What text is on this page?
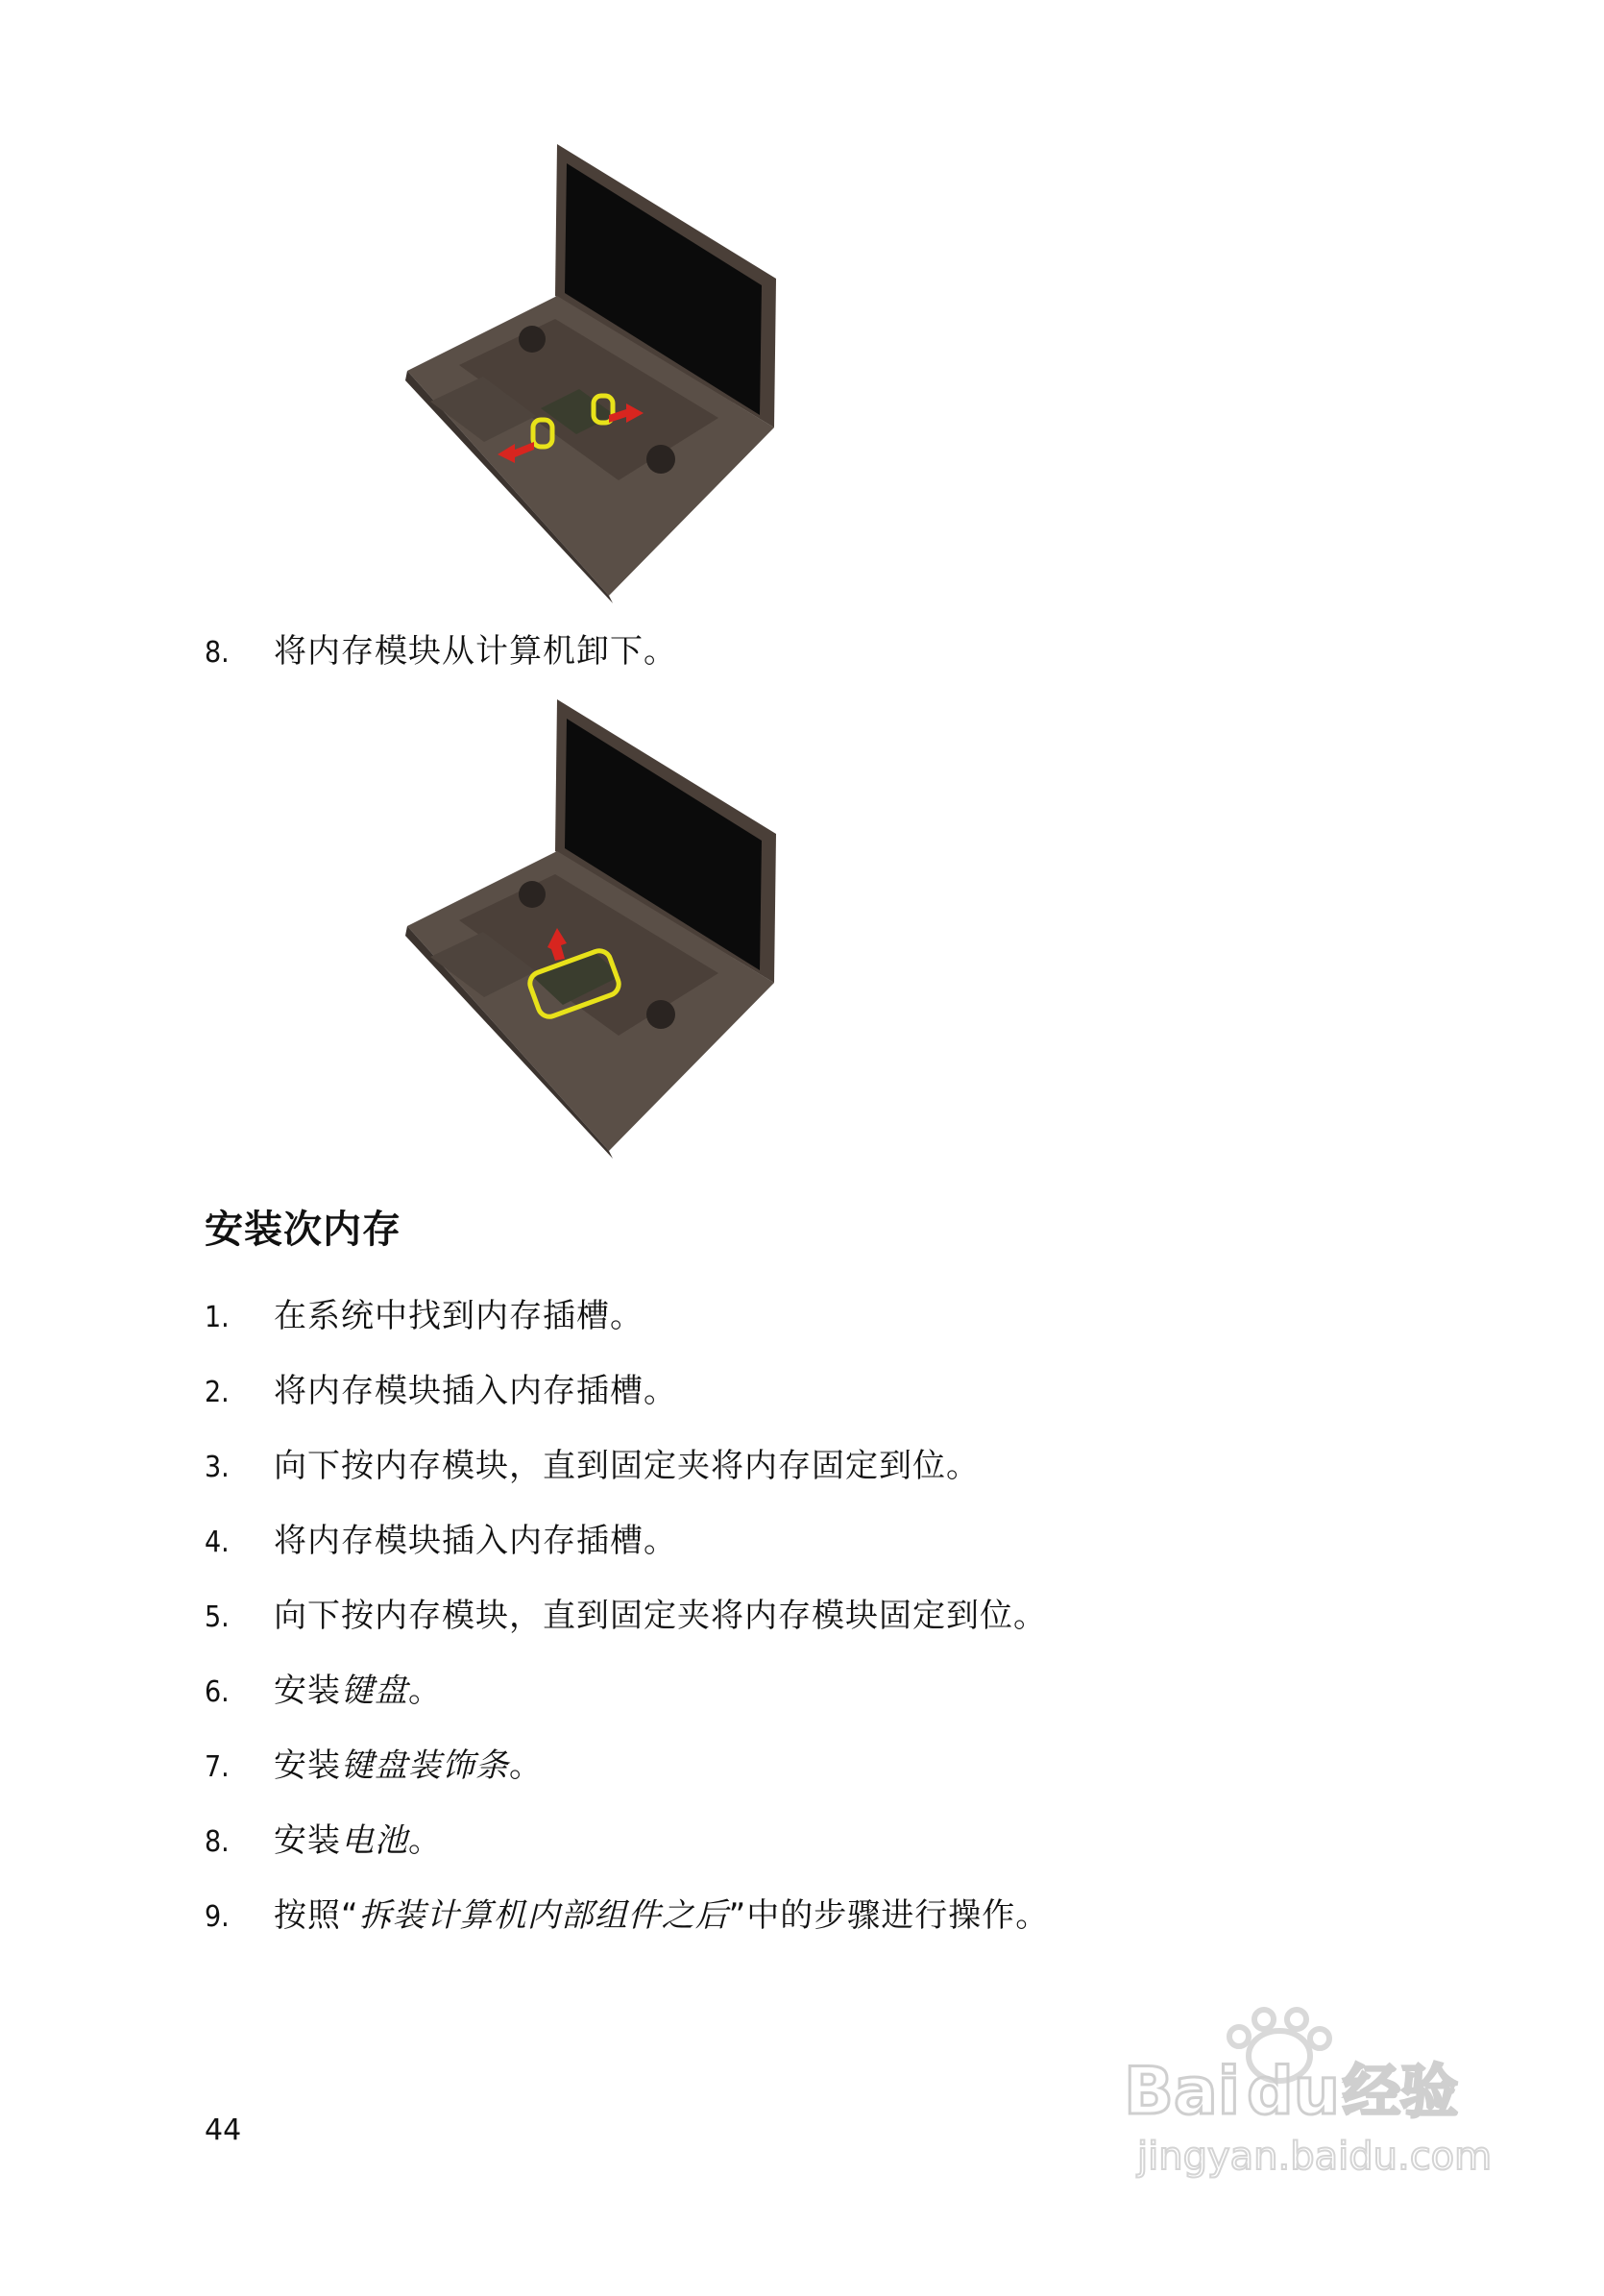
8. 将内存模块从计算机卸下。
安装次内存
1. 在系统中找到内存插槽。
2. 将内存模块插入内存插槽。
3. 向下按内存模块，直到固定夹将内存固定到位。
4. 将内存模块插入内存插槽。
5. 向下按内存模块，直到固定夹将内存模块固定到位。
6. 安装键盘。
7. 安装键盘装饰条。
8. 安装电池。
9. 按照“拆装计算机内部组件之后”中的步骤进行操作。
44
Bai du 经验
jingyan.baidu.com
